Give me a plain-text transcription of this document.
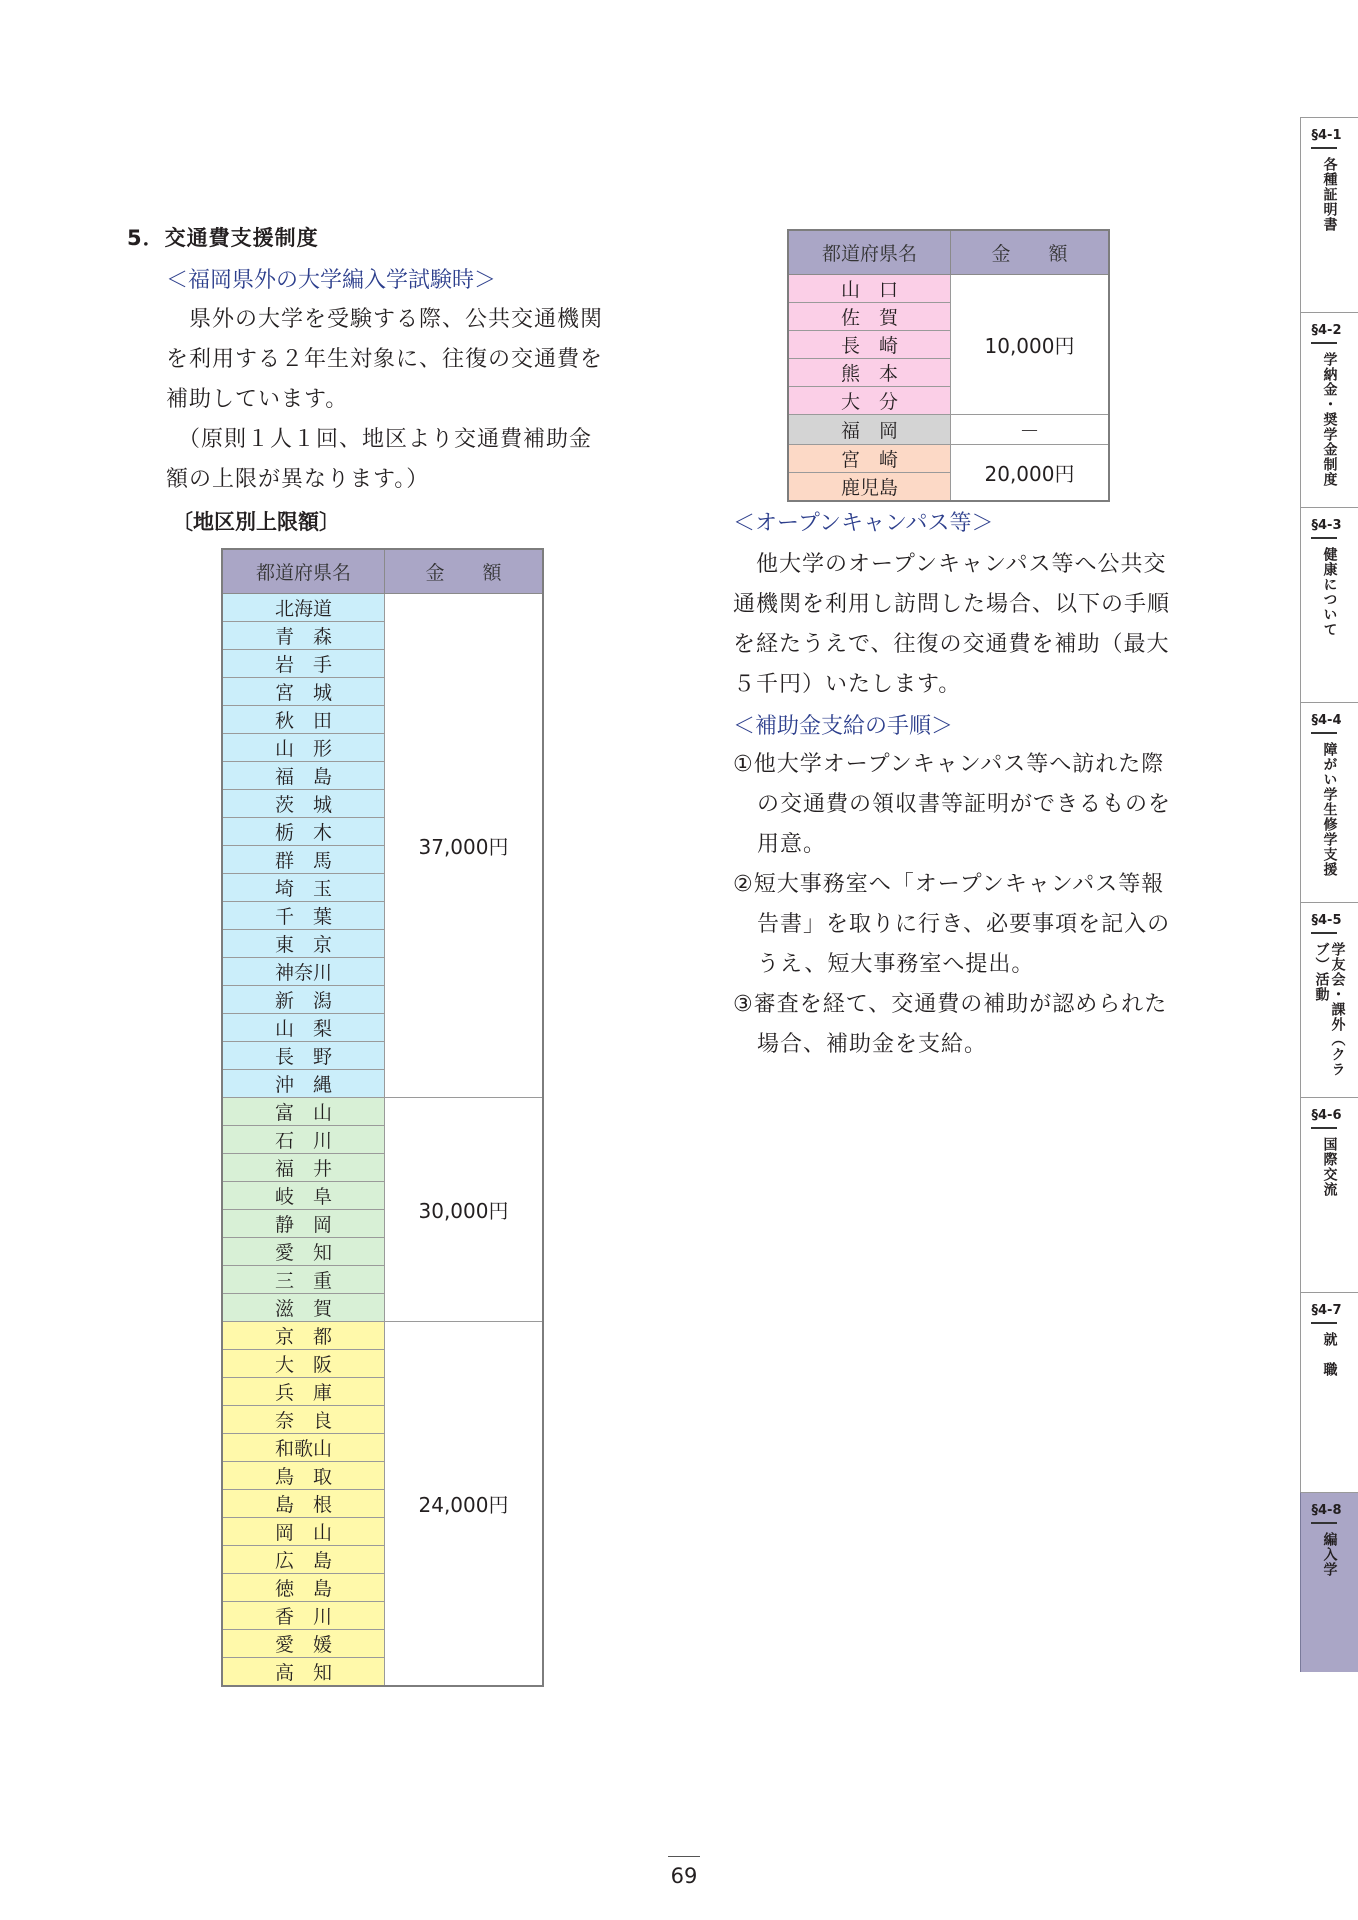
5．交通費支援制度
＜福岡県外の大学編入学試験時＞
　県外の大学を受験する際、公共交通機関
を利用する２年生対象に、往復の交通費を
補助しています。
　（原則１人１回、地区より交通費補助金
額の上限が異なります。）
〔地区別上限額〕
都道府県名	金　　額
北海道	37,000円
青　森	
岩　手	
宮　城	
秋　田	
山　形	
福　島	
茨　城	
栃　木	
群　馬	
埼　玉	
千　葉	
東　京	
神奈川	
新　潟	
山　梨	
長　野	
沖　縄	
富　山	30,000円
石　川	
福　井	
岐　阜	
静　岡	
愛　知	
三　重	
滋　賀	
京　都	24,000円
大　阪	
兵　庫	
奈　良	
和歌山	
鳥　取	
島　根	
岡　山	
広　島	
徳　島	
香　川	
愛　媛	
高　知	
都道府県名	金　　額
山　口	10,000円
佐　賀	
長　崎	
熊　本	
大　分	
福　岡	－
宮　崎	20,000円
鹿児島	
＜オープンキャンパス等＞
　他大学のオープンキャンパス等へ公共交
通機関を利用し訪問した場合、以下の手順
を経たうえで、往復の交通費を補助（最大
５千円）いたします。
＜補助金支給の手順＞
①他大学オープンキャンパス等へ訪れた際
の交通費の領収書等証明ができるものを
用意。
②短大事務室へ「オープンキャンパス等報
告書」を取りに行き、必要事項を記入の
うえ、短大事務室へ提出。
③審査を経て、交通費の補助が認められた
場合、補助金を支給。
§4-1
各種証明書
§4-2
学納金・奨学金制度
§4-3
健康について
§4-4
障がい学生修学支援
§4-5
学友会・課外（クラブ）活動
§4-6
国際交流
§4-7
就　職
§4-8
編入学
69
